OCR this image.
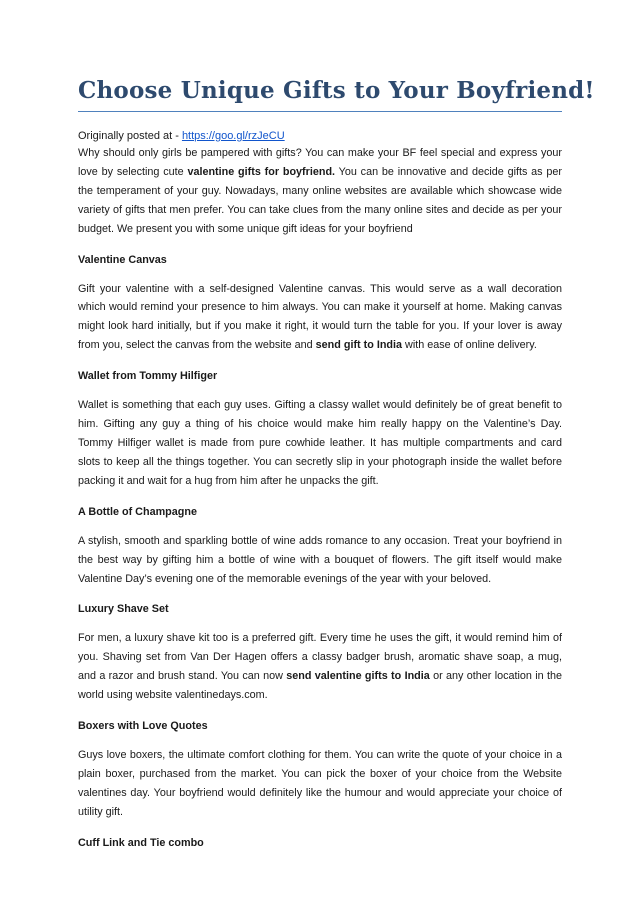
Choose Unique Gifts to Your Boyfriend!
Originally posted at - https://goo.gl/rzJeCU

Why should only girls be pampered with gifts? You can make your BF feel special and express your love by selecting cute valentine gifts for boyfriend. You can be innovative and decide gifts as per the temperament of your guy. Nowadays, many online websites are available which showcase wide variety of gifts that men prefer. You can take clues from the many online sites and decide as per your budget. We present you with some unique gift ideas for your boyfriend

Valentine Canvas

Gift your valentine with a self-designed Valentine canvas. This would serve as a wall decoration which would remind your presence to him always. You can make it yourself at home. Making canvas might look hard initially, but if you make it right, it would turn the table for you. If your lover is away from you, select the canvas from the website and send gift to India with ease of online delivery.

Wallet from Tommy Hilfiger

Wallet is something that each guy uses. Gifting a classy wallet would definitely be of great benefit to him. Gifting any guy a thing of his choice would make him really happy on the Valentine’s Day. Tommy Hilfiger wallet is made from pure cowhide leather. It has multiple compartments and card slots to keep all the things together. You can secretly slip in your photograph inside the wallet before packing it and wait for a hug from him after he unpacks the gift.

A Bottle of Champagne

A stylish, smooth and sparkling bottle of wine adds romance to any occasion. Treat your boyfriend in the best way by gifting him a bottle of wine with a bouquet of flowers. The gift itself would make Valentine Day’s evening one of the memorable evenings of the year with your beloved.

Luxury Shave Set

For men, a luxury shave kit too is a preferred gift. Every time he uses the gift, it would remind him of you. Shaving set from Van Der Hagen offers a classy badger brush, aromatic shave soap, a mug, and a razor and brush stand. You can now send valentine gifts to India or any other location in the world using website valentinedays.com.

Boxers with Love Quotes

Guys love boxers, the ultimate comfort clothing for them. You can write the quote of your choice in a plain boxer, purchased from the market. You can pick the boxer of your choice from the Website valentines day. Your boyfriend would definitely like the humour and would appreciate your choice of utility gift.

Cuff Link and Tie combo
